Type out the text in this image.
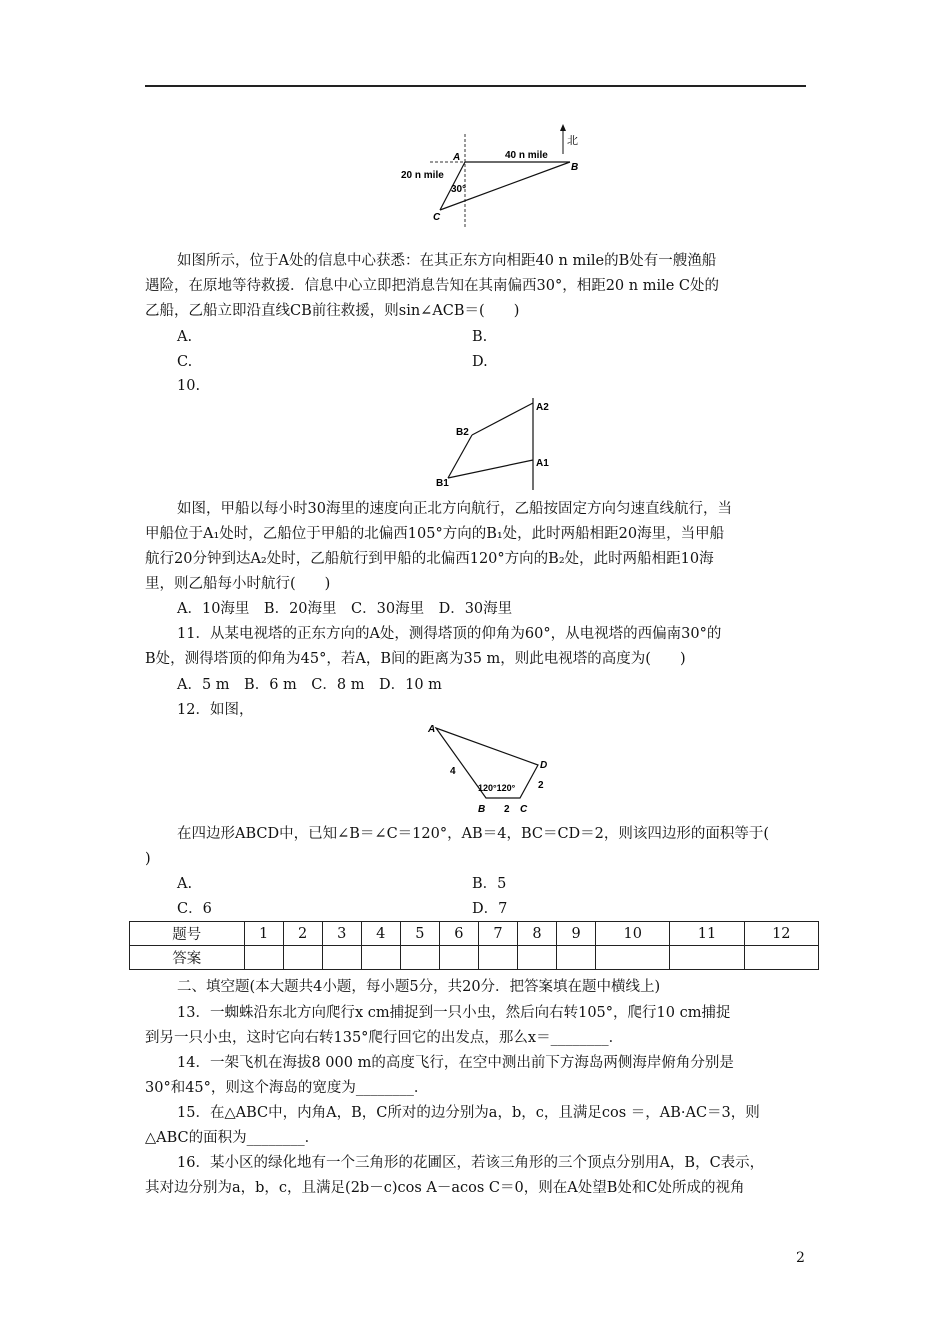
北
A
B
C
40 n mile
20 n mile
30°
如图所示，位于A处的信息中心获悉：在其正东方向相距40 n mile的B处有一艘渔船
遇险，在原地等待救援．信息中心立即把消息告知在其南偏西30°，相距20 n mile C处的
乙船，乙船立即沿直线CB前往救援，则sin∠ACB＝(　　)
A.	B.
C.	D.
10.
A2
A1
B2
B1
如图，甲船以每小时30海里的速度向正北方向航行，乙船按固定方向匀速直线航行，当
甲船位于A₁处时，乙船位于甲船的北偏西105°方向的B₁处，此时两船相距20海里，当甲船
航行20分钟到达A₂处时，乙船航行到甲船的北偏西120°方向的B₂处，此时两船相距10海
里，则乙船每小时航行(　　)
A．10海里　B．20海里　C．30海里　D．30海里
11．从某电视塔的正东方向的A处，测得塔顶的仰角为60°，从电视塔的西偏南30°的
B处，测得塔顶的仰角为45°，若A，B间的距离为35 m，则此电视塔的高度为(　　)
A．5 m　B．6 m　C．8 m　D．10 m
12．如图，
A
D
B	C
4
2
2
120°120°
在四边形ABCD中，已知∠B＝∠C＝120°，AB＝4，BC＝CD＝2，则该四边形的面积等于(
)
A.	B．5
C．6	D．7
题号	1	2	3	4	5	6	7	8	9	10	11	12
答案												
二、填空题(本大题共4小题，每小题5分，共20分．把答案填在题中横线上)
13．一蜘蛛沿东北方向爬行x cm捕捉到一只小虫，然后向右转105°，爬行10 cm捕捉
到另一只小虫，这时它向右转135°爬行回它的出发点，那么x＝________．
14．一架飞机在海拔8 000 m的高度飞行，在空中测出前下方海岛两侧海岸俯角分别是
30°和45°，则这个海岛的宽度为________．
15．在△ABC中，内角A，B，C所对的边分别为a，b，c，且满足cos ＝，AB·AC＝3，则
△ABC的面积为________．
16．某小区的绿化地有一个三角形的花圃区，若该三角形的三个顶点分别用A，B，C表示，
其对边分别为a，b，c，且满足(2b－c)cos A－acos C＝0，则在A处望B处和C处所成的视角
2
